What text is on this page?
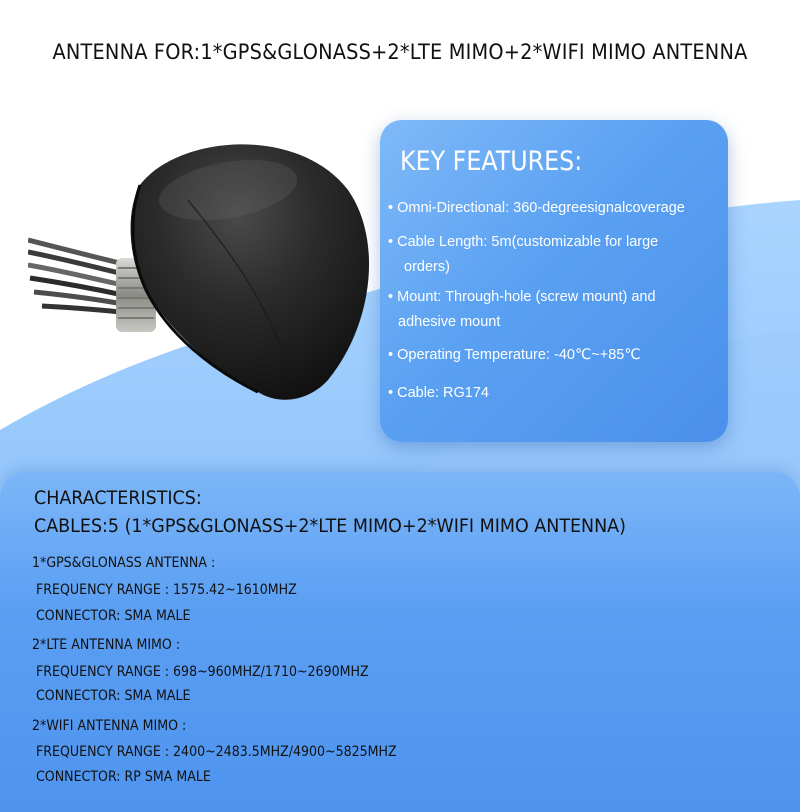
ANTENNA FOR:1*GPS&GLONASS+2*LTE MIMO+2*WIFI MIMO ANTENNA
KEY FEATURES:
• Omni-Directional: 360-degreesignalcoverage
• Cable Length: 5m(customizable for large
orders)
• Mount: Through-hole (screw mount) and
adhesive mount
• Operating Temperature: -40℃~+85℃
• Cable: RG174
CHARACTERISTICS:
CABLES:5 (1*GPS&GLONASS+2*LTE MIMO+2*WIFI MIMO ANTENNA)
1*GPS&GLONASS ANTENNA :
FREQUENCY RANGE : 1575.42~1610MHZ
CONNECTOR: SMA MALE
2*LTE ANTENNA MIMO :
FREQUENCY RANGE : 698~960MHZ/1710~2690MHZ
CONNECTOR: SMA MALE
2*WIFI ANTENNA MIMO :
FREQUENCY RANGE : 2400~2483.5MHZ/4900~5825MHZ
CONNECTOR: RP SMA MALE
